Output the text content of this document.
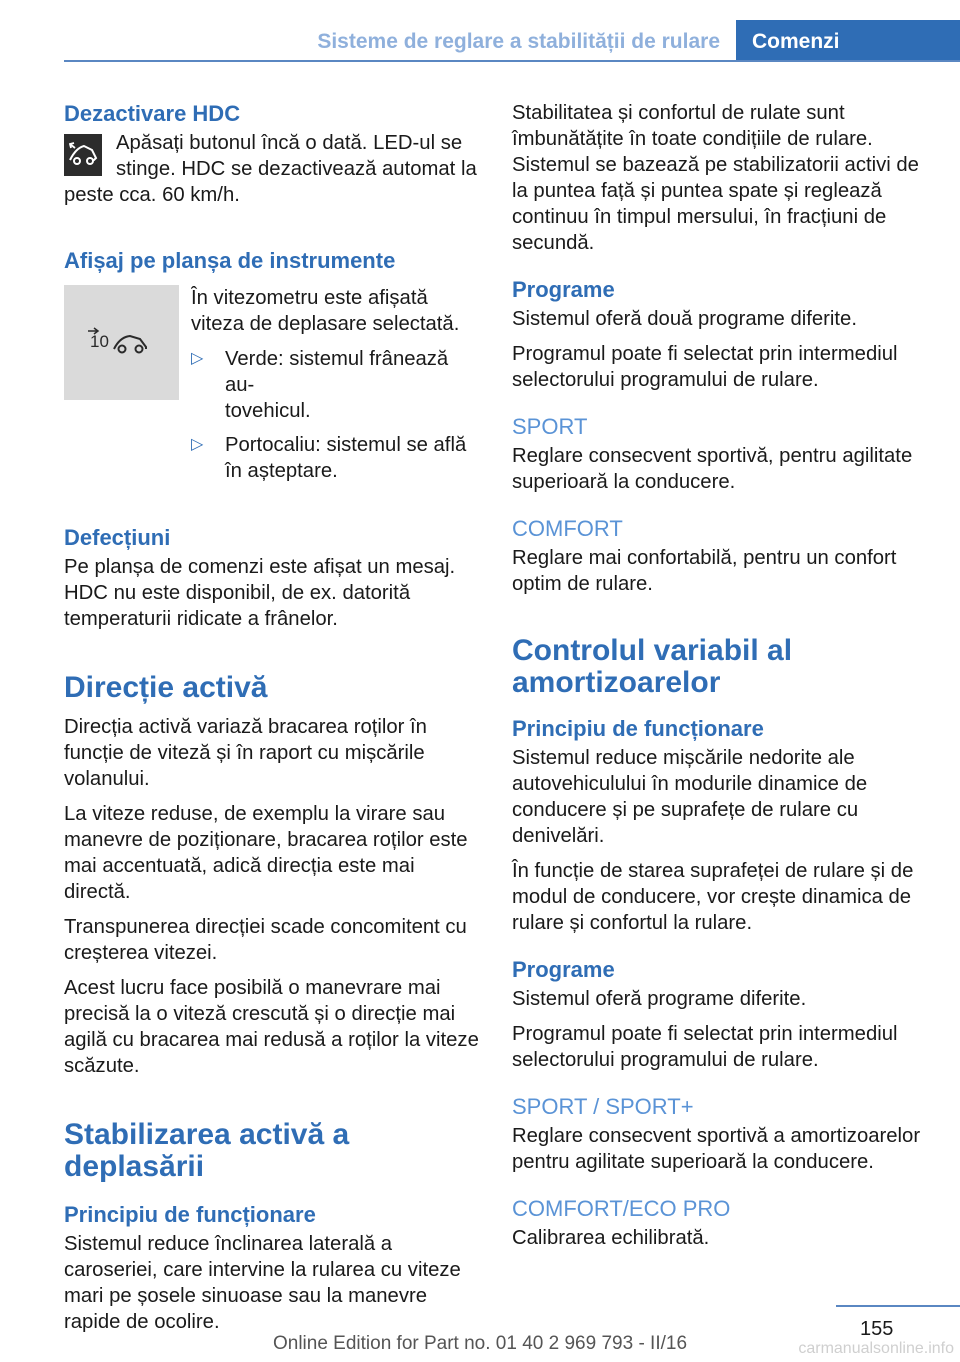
Sisteme de reglare a stabilității de rulare	Comenzi
Dezactivare HDC

Apăsați butonul încă o dată. LED-ul se stinge. HDC se dezactivează automat la peste cca. 60 km/h.

Afișaj pe planșa de instrumente
10

În vitezometru este afișată viteza de deplasare selectată.

▷ Verde: sistemul frânează au-
tovehicul.
▷ Portocaliu: sistemul se află
în așteptare.
Defecțiuni

Pe planșa de comenzi este afișat un mesaj. HDC nu este disponibil, de ex. datorită temperaturii ridicate a frânelor.

Direcție activă

Direcția activă variază bracarea roților în funcție de viteză și în raport cu mișcările volanului.

La viteze reduse, de exemplu la virare sau manevre de poziționare, bracarea roților este mai accentuată, adică direcția este mai directă.

Transpunerea direcției scade concomitent cu creșterea vitezei.

Acest lucru face posibilă o manevrare mai precisă la o viteză crescută și o direcție mai agilă cu bracarea mai redusă a roților la viteze scăzute.

Stabilizarea activă a deplasării
Principiu de funcționare

Sistemul reduce înclinarea laterală a caroseriei, care intervine la rularea cu viteze mari pe șosele sinuoase sau la manevre rapide de ocolire.

Stabilitatea și confortul de rulate sunt îmbunătățite în toate condițiile de rulare. Sistemul se bazează pe stabilizatorii activi de la puntea față și puntea spate și reglează continuu în timpul mersului, în fracțiuni de secundă.

Programe

Sistemul oferă două programe diferite.

Programul poate fi selectat prin intermediul selectorului programului de rulare.

SPORT

Reglare consecvent sportivă, pentru agilitate superioară la conducere.

COMFORT

Reglare mai confortabilă, pentru un confort optim de rulare.

Controlul variabil al amortizoarelor
Principiu de funcționare

Sistemul reduce mișcările nedorite ale autovehiculului în modurile dinamice de conducere și pe suprafețe de rulare cu denivelări.

În funcție de starea suprafeței de rulare și de modul de conducere, vor crește dinamica de rulare și confortul la rulare.

Programe

Sistemul oferă programe diferite.

Programul poate fi selectat prin intermediul selectorului programului de rulare.

SPORT / SPORT+

Reglare consecvent sportivă a amortizoarelor pentru agilitate superioară la conducere.

COMFORT/ECO PRO

Calibrarea echilibrată.

155
Online Edition for Part no. 01 40 2 969 793 - II/16	carmanualsonline.info
